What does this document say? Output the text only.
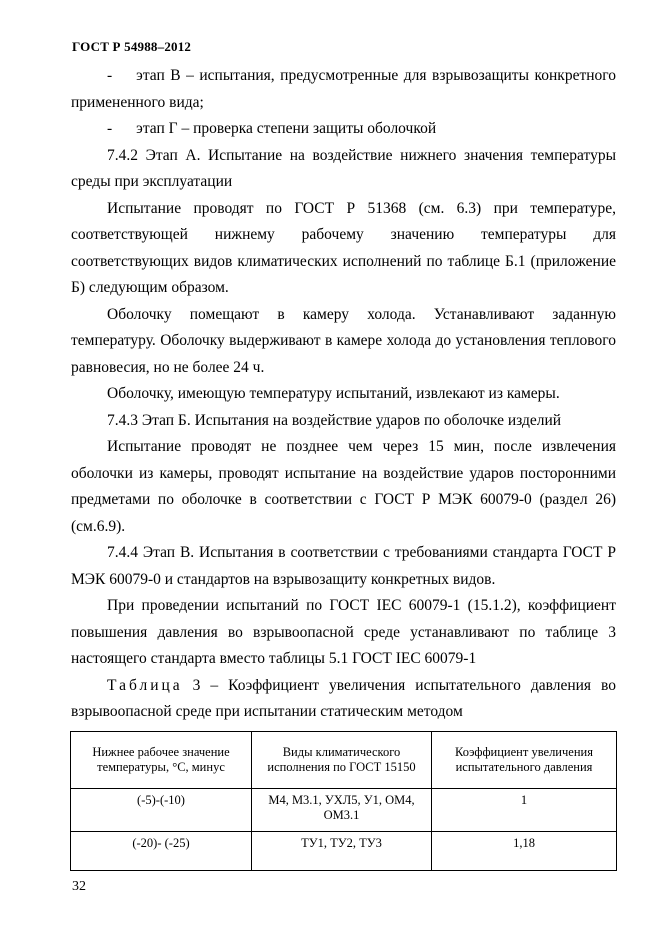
ГОСТ Р 54988–2012

- этап В – испытания, предусмотренные для взрывозащиты конкретного примененного вида;

- этап Г – проверка степени защиты оболочкой

7.4.2 Этап А. Испытание на воздействие нижнего значения температуры среды при эксплуатации

Испытание проводят по ГОСТ Р 51368 (см. 6.3) при температуре, соответствующей нижнему рабочему значению температуры для соответствующих видов климатических исполнений по таблице Б.1 (приложение Б) следующим образом.

Оболочку помещают в камеру холода. Устанавливают заданную температуру. Оболочку выдерживают в камере холода до установления теплового равновесия, но не более 24 ч.

Оболочку, имеющую температуру испытаний, извлекают из камеры.

7.4.3 Этап Б. Испытания на воздействие ударов по оболочке изделий

Испытание проводят не позднее чем через 15 мин, после извлечения оболочки из камеры, проводят испытание на воздействие ударов посторонними предметами по оболочке в соответствии с ГОСТ Р МЭК 60079-0 (раздел 26) (см.6.9).

7.4.4 Этап В. Испытания в соответствии с требованиями стандарта ГОСТ Р МЭК 60079-0 и стандартов на взрывозащиту конкретных видов.

При проведении испытаний по ГОСТ IEC 60079-1 (15.1.2), коэффициент повышения давления во взрывоопасной среде устанавливают по таблице 3 настоящего стандарта вместо таблицы 5.1 ГОСТ IEC 60079-1

Таблица 3 – Коэффициент увеличения испытательного давления во взрывоопасной среде при испытании статическим методом

Нижнее рабочее значение температуры, °С, минус	Виды климатического исполнения по ГОСТ 15150	Коэффициент увеличения испытательного давления
(-5)-(-10)	М4, М3.1, УХЛ5, У1, ОМ4, ОМ3.1	1
(-20)- (-25)	ТУ1, ТУ2, ТУ3	1,18
32
